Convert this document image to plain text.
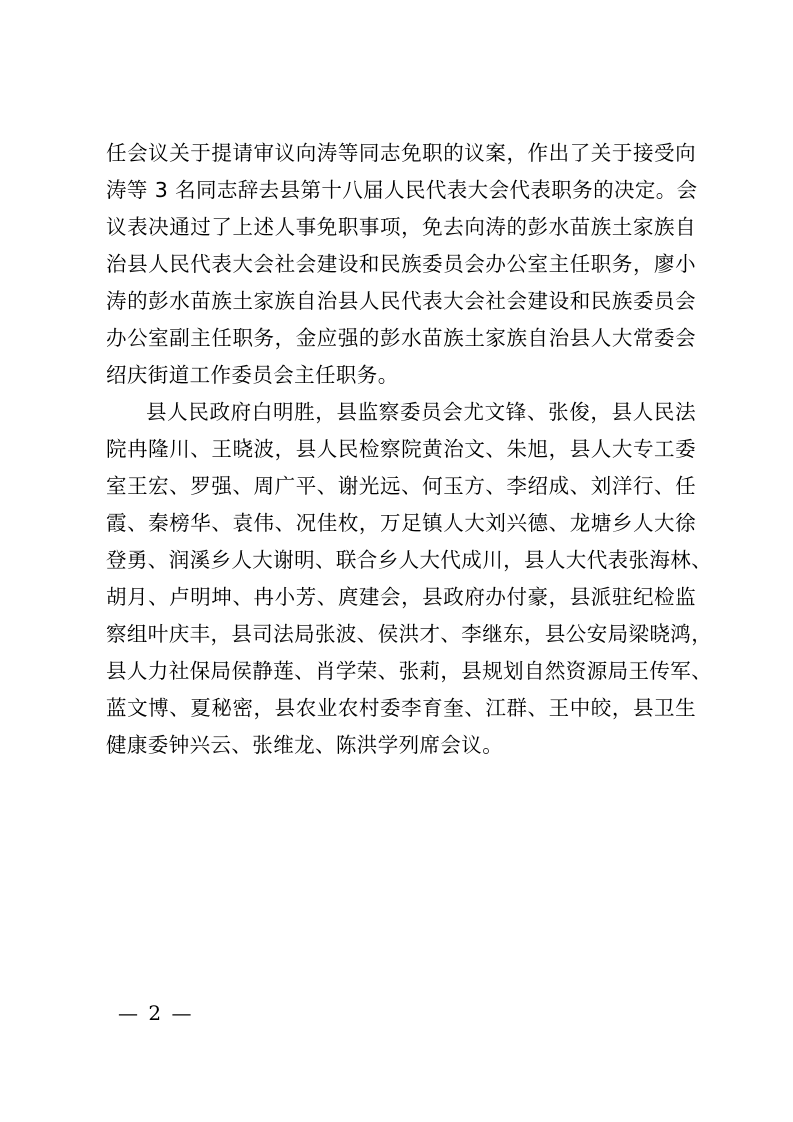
任会议关于提请审议向涛等同志免职的议案，作出了关于接受向
涛等 3 名同志辞去县第十八届人民代表大会代表职务的决定。会
议表决通过了上述人事免职事项，免去向涛的彭水苗族土家族自
治县人民代表大会社会建设和民族委员会办公室主任职务，廖小
涛的彭水苗族土家族自治县人民代表大会社会建设和民族委员会
办公室副主任职务，金应强的彭水苗族土家族自治县人大常委会
绍庆街道工作委员会主任职务。
县人民政府白明胜，县监察委员会尤文锋、张俊，县人民法
院冉隆川、王晓波，县人民检察院黄治文、朱旭，县人大专工委
室王宏、罗强、周广平、谢光远、何玉方、李绍成、刘洋行、任
霞、秦榜华、袁伟、况佳枚，万足镇人大刘兴德、龙塘乡人大徐
登勇、润溪乡人大谢明、联合乡人大代成川，县人大代表张海林、
胡月、卢明坤、冉小芳、庹建会，县政府办付豪，县派驻纪检监
察组叶庆丰，县司法局张波、侯洪才、李继东，县公安局梁晓鸿，
县人力社保局侯静莲、肖学荣、张莉，县规划自然资源局王传军、
蓝文博、夏秘密，县农业农村委李育奎、江群、王中皎，县卫生
健康委钟兴云、张维龙、陈洪学列席会议。
— 2 —
